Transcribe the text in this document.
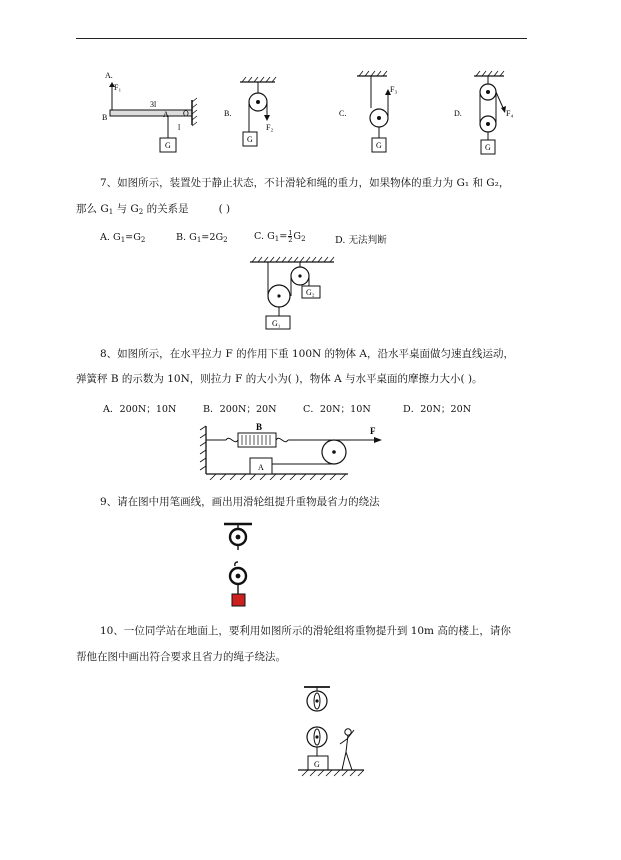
A.
F₁
B
3l
A O
l
G
B.
F₂
G
C.
F₃
G
D.	F₄
G
7、如图所示，装置处于静止状态，不计滑轮和绳的重力，如果物体的重力为 G₁ 和 G₂，
那么 $G_1$ 与 $G_2$ 的关系是	( )
A. $G_1=G_2$	B. $G_1=2G_2$	C. $G_1= \frac{1}{2} G_2$	D. 无法判断
G₂
G₁
8、如图所示，在水平拉力 F 的作用下重 100N 的物体 A，沿水平桌面做匀速直线运动，
弹簧秤 B 的示数为 10N，则拉力 F 的大小为( )，物体 A 与水平桌面的摩擦力大小( )。
A．200N；10N	B．200N；20N	C．20N；10N	D．20N；20N
B	F
A
9、请在图中用笔画线，画出用滑轮组提升重物最省力的绕法
10、一位同学站在地面上，要利用如图所示的滑轮组将重物提升到 10m 高的楼上，请你
帮他在图中画出符合要求且省力的绳子绕法。
G
